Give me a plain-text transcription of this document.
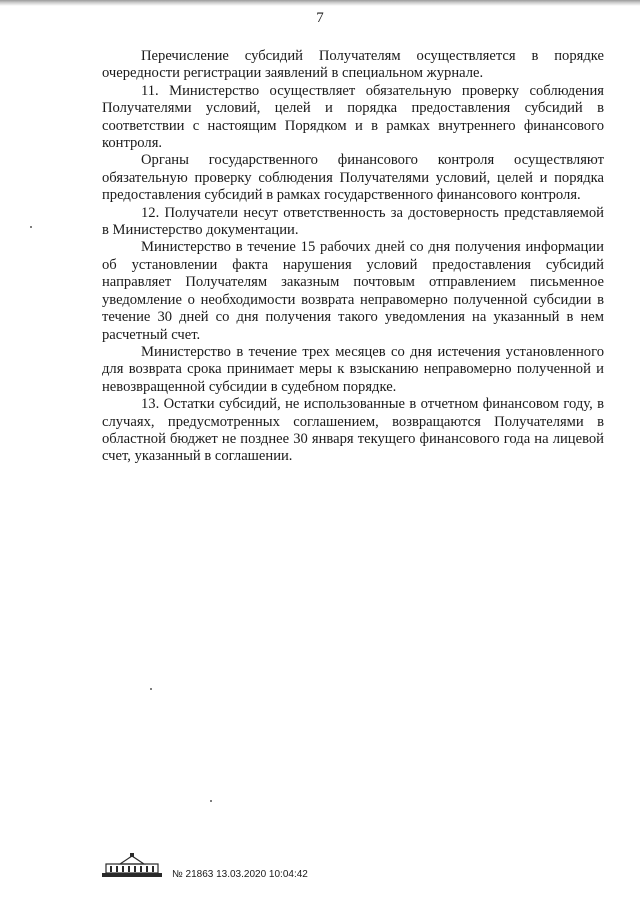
7

Перечисление субсидий Получателям осуществляется в порядке очередности регистрации заявлений в специальном журнале.

11. Министерство осуществляет обязательную проверку соблюдения Получателями условий, целей и порядка предоставления субсидий в соответствии с настоящим Порядком и в рамках внутреннего финансового контроля.

Органы государственного финансового контроля осуществляют обязательную проверку соблюдения Получателями условий, целей и порядка предоставления субсидий в рамках государственного финансового контроля.

12. Получатели несут ответственность за достоверность представляемой в Министерство документации.

Министерство в течение 15 рабочих дней со дня получения информации об установлении факта нарушения условий предоставления субсидий направляет Получателям заказным почтовым отправлением письменное уведомление о необходимости возврата неправомерно полученной субсидии в течение 30 дней со дня получения такого уведомления на указанный в нем расчетный счет.

Министерство в течение трех месяцев со дня истечения установленного для возврата срока принимает меры к взысканию неправомерно полученной и невозвращенной субсидии в судебном порядке.

13. Остатки субсидий, не использованные в отчетном финансовом году, в случаях, предусмотренных соглашением, возвращаются Получателями в областной бюджет не позднее 30 января текущего финансового года на лицевой счет, указанный в соглашении.

№ 21863 13.03.2020 10:04:42
